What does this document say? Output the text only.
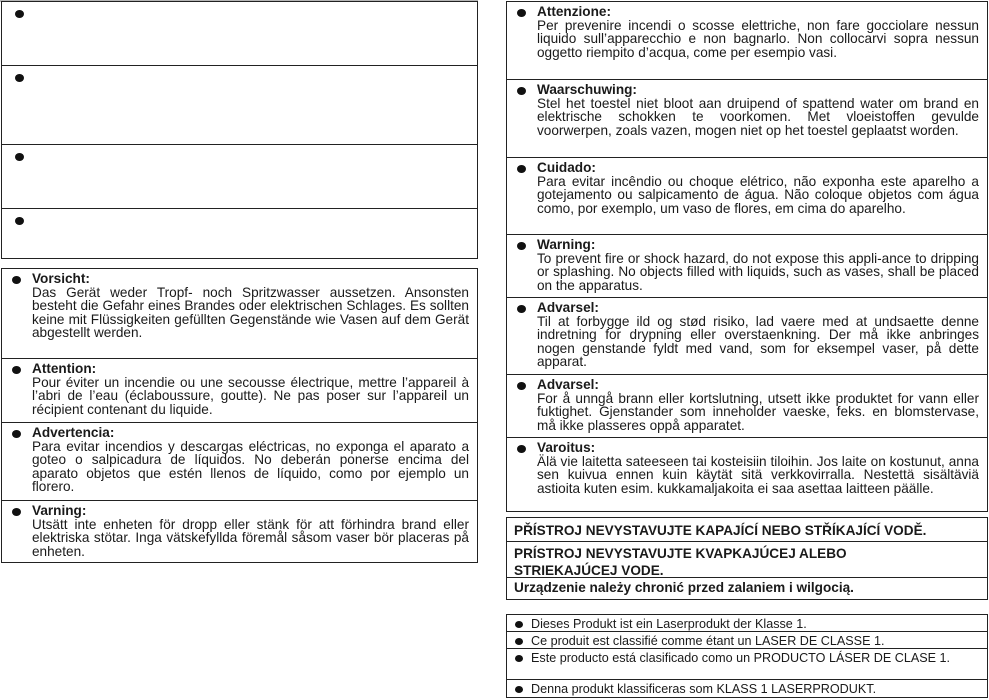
Vorsicht:
Das Gerät weder Tropf- noch Spritzwasser aussetzen. Ansonsten besteht die Gefahr eines Brandes oder elektrischen Schlages. Es sollten keine mit Flüssigkeiten gefüllten Gegenstände wie Vasen auf dem Gerät abgestellt werden.
Attention:
Pour éviter un incendie ou une secousse électrique, mettre l’appareil à l’abri de l’eau (éclaboussure, goutte). Ne pas poser sur l’appareil un récipient contenant du liquide.
Advertencia:
Para evitar incendios y descargas eléctricas, no exponga el aparato a goteo o salpicadura de líquidos. No deberán ponerse encima del aparato objetos que estén llenos de líquido, como por ejemplo un florero.
Varning:
Utsätt inte enheten för dropp eller stänk för att förhindra brand eller elektriska stötar. Inga vätskefyllda föremål såsom vaser bör placeras på enheten.
Attenzione:
Per prevenire incendi o scosse elettriche, non fare gocciolare nessun liquido sull’apparecchio e non bagnarlo. Non collocarvi sopra nessun oggetto riempito d’acqua, come per esempio vasi.
Waarschuwing:
Stel het toestel niet bloot aan druipend of spattend water om brand en elektrische schokken te voorkomen. Met vloeistoffen gevulde voorwerpen, zoals vazen, mogen niet op het toestel geplaatst worden.
Cuidado:
Para evitar incêndio ou choque elétrico, não exponha este aparelho a gotejamento ou salpicamento de água. Não coloque objetos com água como, por exemplo, um vaso de flores, em cima do aparelho.
Warning:
To prevent fire or shock hazard, do not expose this appli-ance to dripping or splashing. No objects filled with liquids, such as vases, shall be placed on the apparatus.
Advarsel:
Til at forbygge ild og stød risiko, lad vaere med at undsaette denne indretning for drypning eller overstaenkning. Der må ikke anbringes nogen genstande fyldt med vand, som for eksempel vaser, på dette apparat.
Advarsel:
For å unngå brann eller kortslutning, utsett ikke produktet for vann eller fuktighet. Gjenstander som inneholder vaeske, feks. en blomstervase, må ikke plasseres oppå apparatet.
Varoitus:
Älä vie laitetta sateeseen tai kosteisiin tiloihin. Jos laite on kostunut, anna sen kuivua ennen kuin käytät sitä verkkovirralla. Nestettä sisältäviä astioita kuten esim. kukkamaljakoita ei saa asettaa laitteen päälle.
PŘÍSTROJ NEVYSTAVUJTE KAPAJÍCÍ NEBO STŘÍKAJÍCÍ VODĚ.
PRÍSTROJ NEVYSTAVUJTE KVAPKAJÚCEJ ALEBO
STRIEKAJÚCEJ VODE.
Urządzenie należy chronić przed zalaniem i wilgocią.
Dieses Produkt ist ein Laserprodukt der Klasse 1.
Ce produit est classifié comme étant un LASER DE CLASSE 1.
Este producto está clasificado como un PRODUCTO LÁSER DE CLASE 1.
Denna produkt klassificeras som KLASS 1 LASERPRODUKT.
